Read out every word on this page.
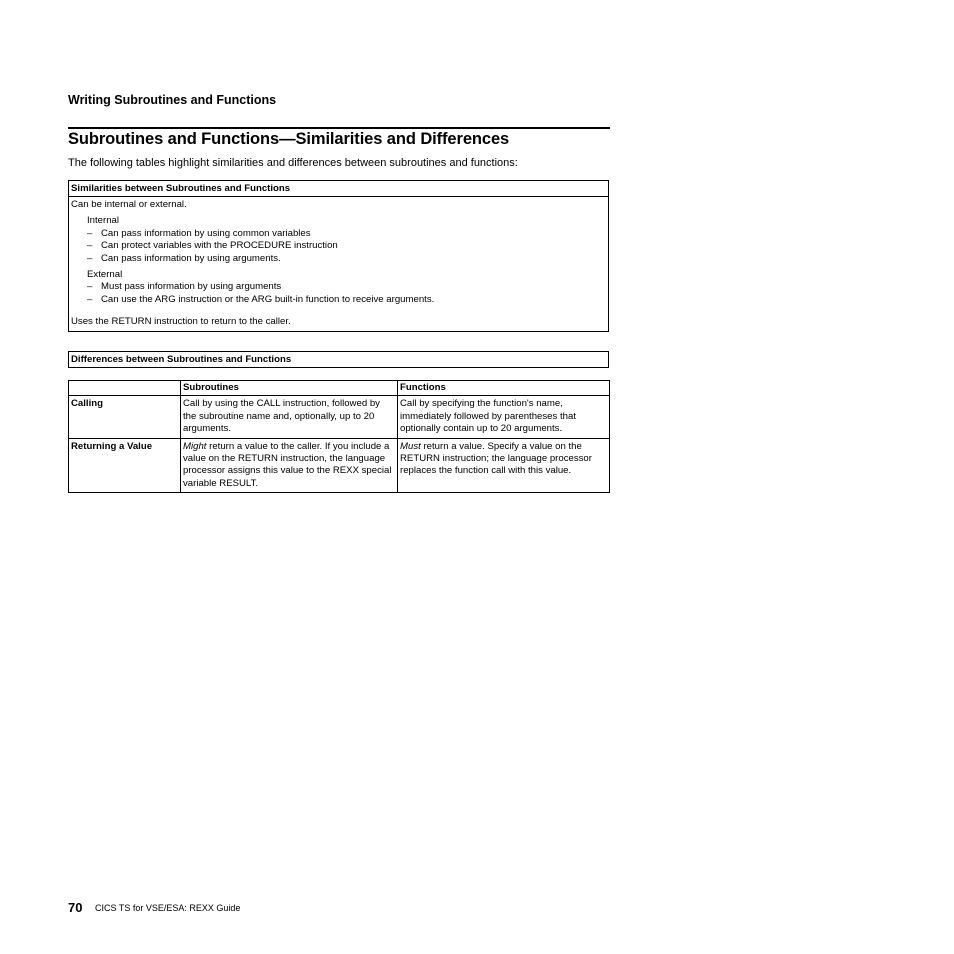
Writing Subroutines and Functions
Subroutines and Functions—Similarities and Differences
The following tables highlight similarities and differences between subroutines and functions:
Similarities between Subroutines and Functions
Can be internal or external.
Internal
– Can pass information by using common variables
– Can protect variables with the PROCEDURE instruction
– Can pass information by using arguments.
External
– Must pass information by using arguments
– Can use the ARG instruction or the ARG built-in function to receive arguments.
Uses the RETURN instruction to return to the caller.
Differences between Subroutines and Functions
	Subroutines	Functions
Calling	Call by using the CALL instruction, followed by the subroutine name and, optionally, up to 20 arguments.	Call by specifying the function's name, immediately followed by parentheses that optionally contain up to 20 arguments.
Returning a Value	Might return a value to the caller. If you include a value on the RETURN instruction, the language processor assigns this value to the REXX special variable RESULT.	Must return a value. Specify a value on the RETURN instruction; the language processor replaces the function call with this value.
70 CICS TS for VSE/ESA: REXX Guide
